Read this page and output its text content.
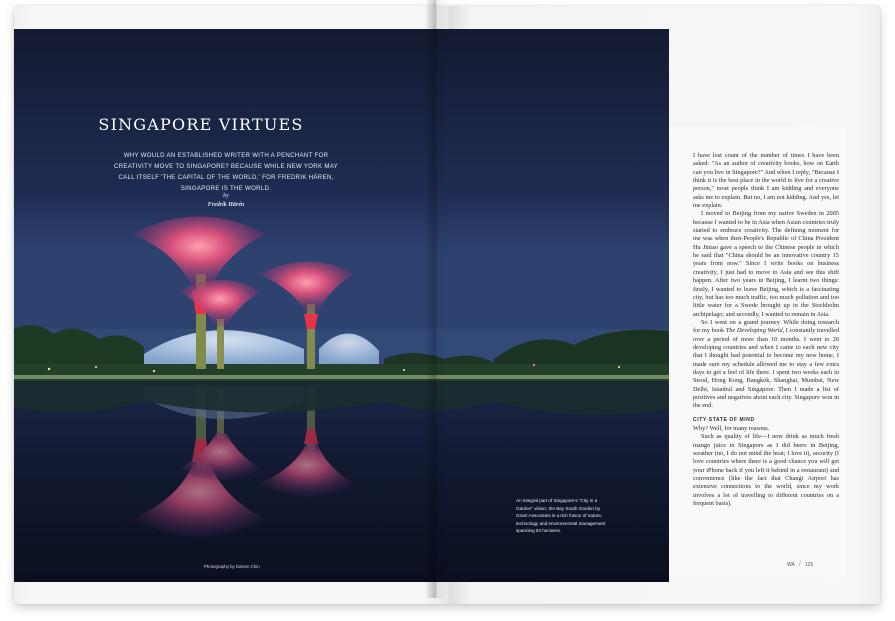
SINGAPORE VIRTUES
WHY WOULD AN ESTABLISHED WRITER WITH A PENCHANT FOR CREATIVITY MOVE TO SINGAPORE? BECAUSE WHILE NEW YORK MAY CALL ITSELF 'THE CAPITAL OF THE WORLD,' FOR FREDRIK HÄREN, SINGAPORE IS THE WORLD.
by
Fredrik Härén
An integral part of Singapore's "City in a Garden" vision, the Bay South Garden by Grant Associates is a rich fusion of nature, technology and environmental management spanning 54 hectares.
Photography by Darren Chin

I have lost count of the number of times I have been asked: "As an author of creativity books, how on Earth can you live in Singapore?" And when I reply, "Because I think it is the best place in the world to live for a creative person," most people think I am kidding and everyone asks me to explain. But no, I am not kidding. And yes, let me explain.

I moved to Beijing from my native Sweden in 2005 because I wanted to be in Asia when Asian countries truly started to embrace creativity. The defining moment for me was when then-People's Republic of China President Hu Jintao gave a speech to the Chinese people in which he said that "China should be an innovative country 15 years from now." Since I write books on business creativity, I just had to move to Asia and see this shift happen. After two years in Beijing, I learnt two things: firstly, I wanted to leave Beijing, which is a fascinating city, but has too much traffic, too much pollution and too little water for a Swede brought up in the Stockholm archipelago; and secondly, I wanted to remain in Asia.

So I went on a grand journey. While doing research for my book The Developing World, I constantly travelled over a period of more than 10 months. I went to 20 developing countries and when I came to each new city that I thought had potential to become my new home, I made sure my schedule allowed me to stay a few extra days to get a feel of life there. I spent two weeks each in Seoul, Hong Kong, Bangkok, Shanghai, Mumbai, New Delhi, Istanbul and Singapore. Then I made a list of positives and negatives about each city. Singapore won in the end.

CITY-STATE OF MIND

Why? Well, for many reasons.

Such as quality of life—I now drink as much fresh mango juice in Singapore as I did beers in Beijing, weather (no, I do not mind the heat; I love it), security (I love countries where there is a good chance you will get your iPhone back if you left it behind in a restaurant) and convenience (like the fact that Changi Airport has extensive connections to the world, since my work involves a lot of travelling to different countries on a frequent basis).

WA / 129
